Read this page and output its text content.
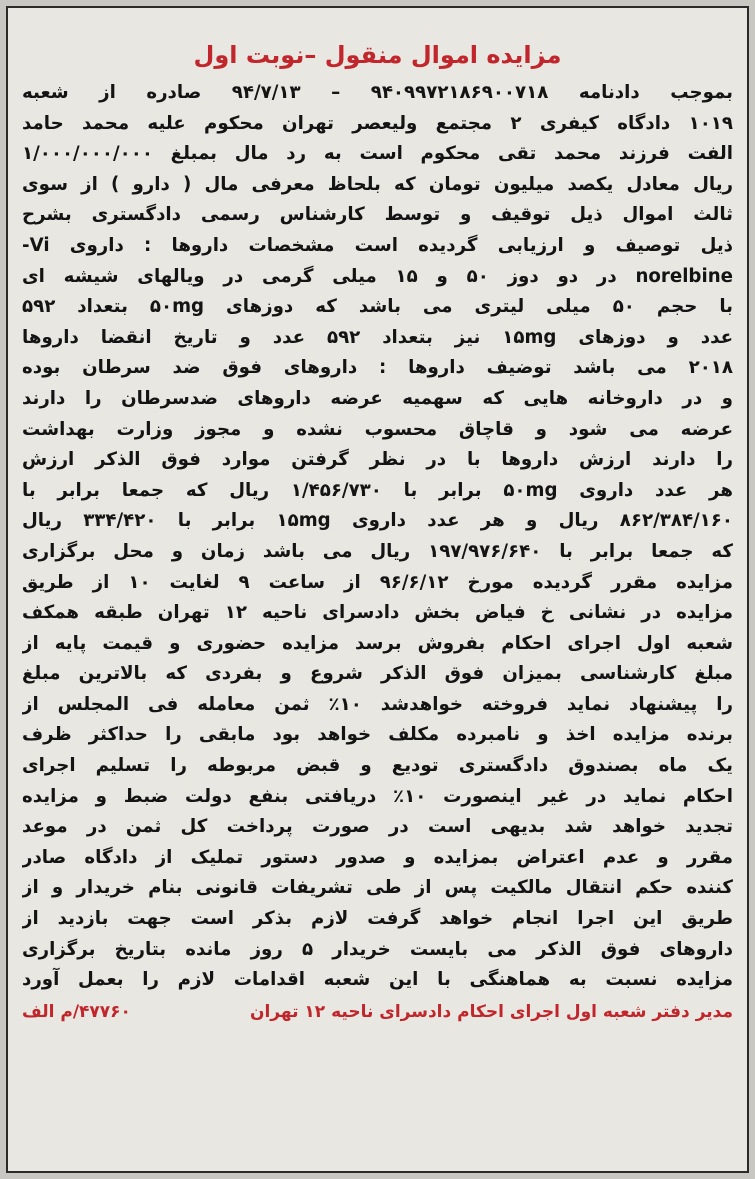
مزایده اموال منقول –نوبت اول
بموجب دادنامه ۹۴۰۹۹۷۲۱۸۶۹۰۰۷۱۸ – ۹۴/۷/۱۳ صادره از شعبه
۱۰۱۹ دادگاه کیفری ۲ مجتمع ولیعصر تهران محکوم علیه محمد حامد
الفت فرزند محمد تقی محکوم است به رد مال بمبلغ ۱/۰۰۰/۰۰۰/۰۰۰
ریال معادل یکصد میلیون تومان که بلحاظ معرفی مال ( دارو ) از سوی
ثالث اموال ذیل توقیف و توسط کارشناس رسمی دادگستری بشرح
ذیل توصیف و ارزیابی گردیده است مشخصات داروها : داروی Vi-
norelbine در دو دوز ۵۰ و ۱۵ میلی گرمی در ویالهای شیشه ای
با حجم ۵۰ میلی لیتری می باشد که دوزهای ۵۰mg بتعداد ۵۹۲
عدد و دوزهای ۱۵mg نیز بتعداد ۵۹۲ عدد و تاریخ انقضا داروها
۲۰۱۸ می باشد توضیف داروها : داروهای فوق ضد سرطان بوده
و در داروخانه هایی که سهمیه عرضه داروهای ضدسرطان را دارند
عرضه می شود و قاچاق محسوب نشده و مجوز وزارت بهداشت
را دارند ارزش داروها با در نظر گرفتن موارد فوق الذکر ارزش
هر عدد داروی ۵۰mg برابر با ۱/۴۵۶/۷۳۰ ریال که جمعا برابر با
۸۶۲/۳۸۴/۱۶۰ ریال و هر عدد داروی ۱۵mg برابر با ۳۳۴/۴۲۰ ریال
که جمعا برابر با ۱۹۷/۹۷۶/۶۴۰ ریال می باشد زمان و محل برگزاری
مزایده مقرر گردیده مورخ ۹۶/۶/۱۲ از ساعت ۹ لغایت ۱۰ از طریق
مزایده در نشانی خ فیاض بخش دادسرای ناحیه ۱۲ تهران طبقه همکف
شعبه اول اجرای احکام بفروش برسد مزایده حضوری و قیمت پایه از
مبلغ کارشناسی بمیزان فوق الذکر شروع و بفردی که بالاترین مبلغ
را پیشنهاد نماید فروخته خواهدشد ۱۰٪ ثمن معامله فی المجلس از
برنده مزایده اخذ و نامبرده مکلف خواهد بود مابقی را حداکثر ظرف
یک ماه بصندوق دادگستری تودیع و قبض مربوطه را تسلیم اجرای
احکام نماید در غیر اینصورت ۱۰٪ دریافتی بنفع دولت ضبط و مزایده
تجدید خواهد شد بدیهی است در صورت پرداخت کل ثمن در موعد
مقرر و عدم اعتراض بمزایده و صدور دستور تملیک از دادگاه صادر
کننده حکم انتقال مالکیت پس از طی تشریفات قانونی بنام خریدار و از
طریق این اجرا انجام خواهد گرفت لازم بذکر است جهت بازدید از
داروهای فوق الذکر می بایست خریدار ۵ روز مانده بتاریخ برگزاری
مزایده نسبت به هماهنگی با این شعبه اقدامات لازم را بعمل آورد
مدیر دفتر شعبه اول اجرای احکام دادسرای ناحیه ۱۲ تهران
۴۷۷۶۰/م الف
